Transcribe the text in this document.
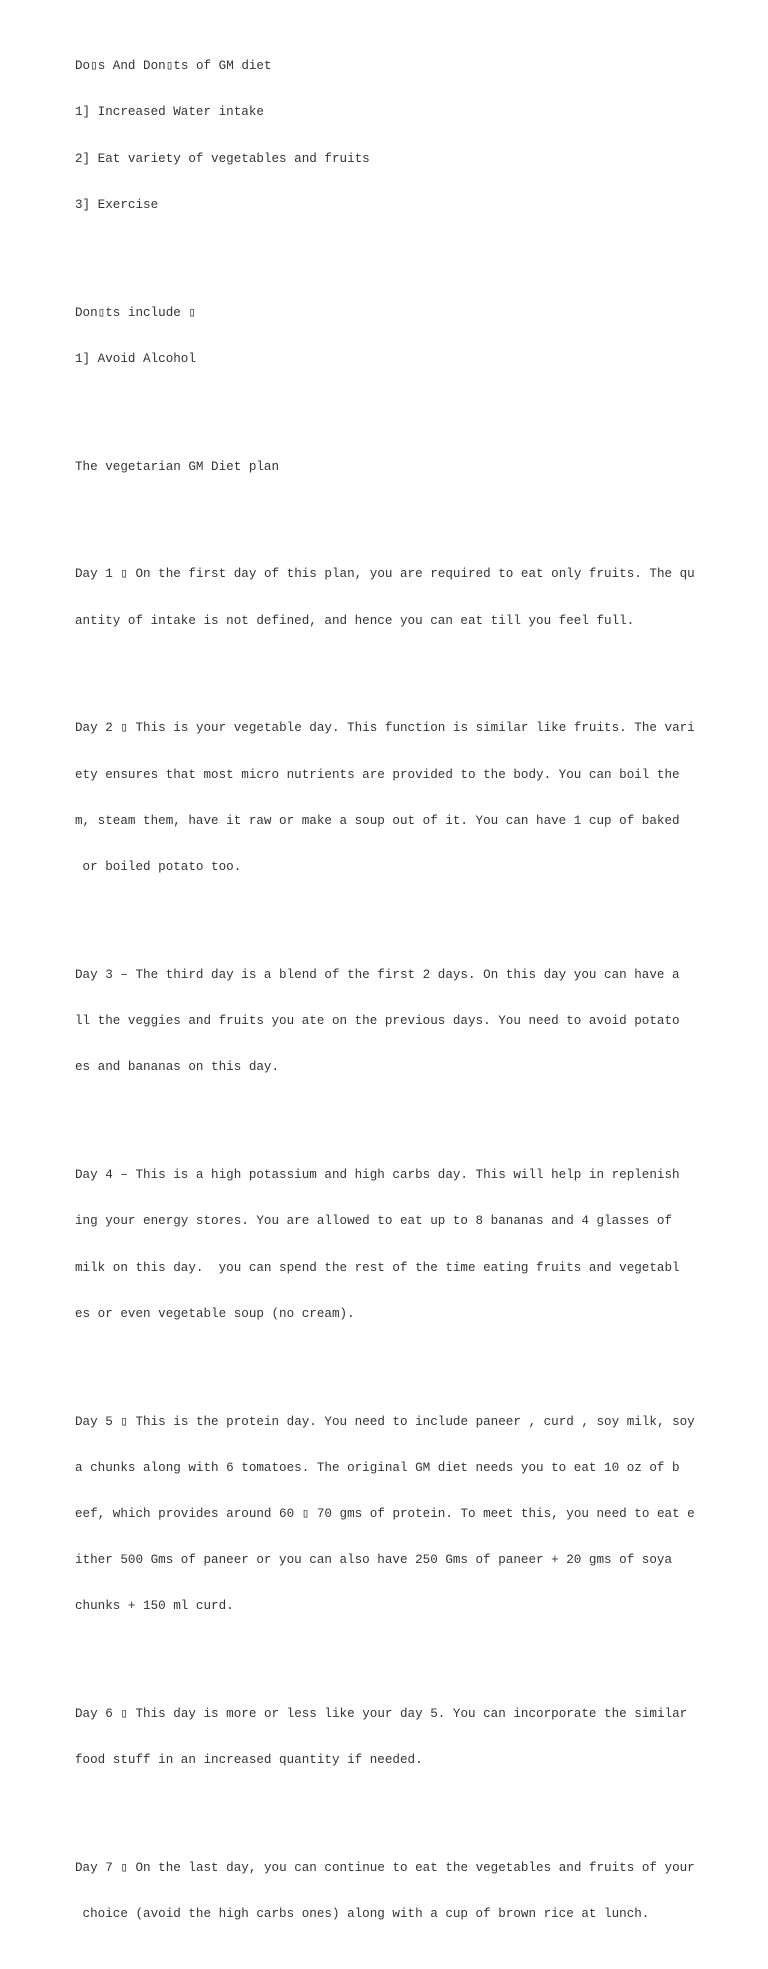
Do▯s And Don▯ts of GM diet

1] Increased Water intake

2] Eat variety of vegetables and fruits

3] Exercise

Don▯ts include ▯

1] Avoid Alcohol

The vegetarian GM Diet plan

Day 1 ▯ On the first day of this plan, you are required to eat only fruits. The qu

antity of intake is not defined, and hence you can eat till you feel full.

Day 2 ▯ This is your vegetable day. This function is similar like fruits. The vari

ety ensures that most micro nutrients are provided to the body. You can boil the

m, steam them, have it raw or make a soup out of it. You can have 1 cup of baked

or boiled potato too.

Day 3 – The third day is a blend of the first 2 days. On this day you can have a

ll the veggies and fruits you ate on the previous days. You need to avoid potato

es and bananas on this day.

Day 4 – This is a high potassium and high carbs day. This will help in replenish

ing your energy stores. You are allowed to eat up to 8 bananas and 4 glasses of

milk on this day.  you can spend the rest of the time eating fruits and vegetabl

es or even vegetable soup (no cream).

Day 5 ▯ This is the protein day. You need to include paneer , curd , soy milk, soy

a chunks along with 6 tomatoes. The original GM diet needs you to eat 10 oz of b

eef, which provides around 60 ▯ 70 gms of protein. To meet this, you need to eat e

ither 500 Gms of paneer or you can also have 250 Gms of paneer + 20 gms of soya

chunks + 150 ml curd.

Day 6 ▯ This day is more or less like your day 5. You can incorporate the similar

food stuff in an increased quantity if needed.

Day 7 ▯ On the last day, you can continue to eat the vegetables and fruits of your

choice (avoid the high carbs ones) along with a cup of brown rice at lunch.
